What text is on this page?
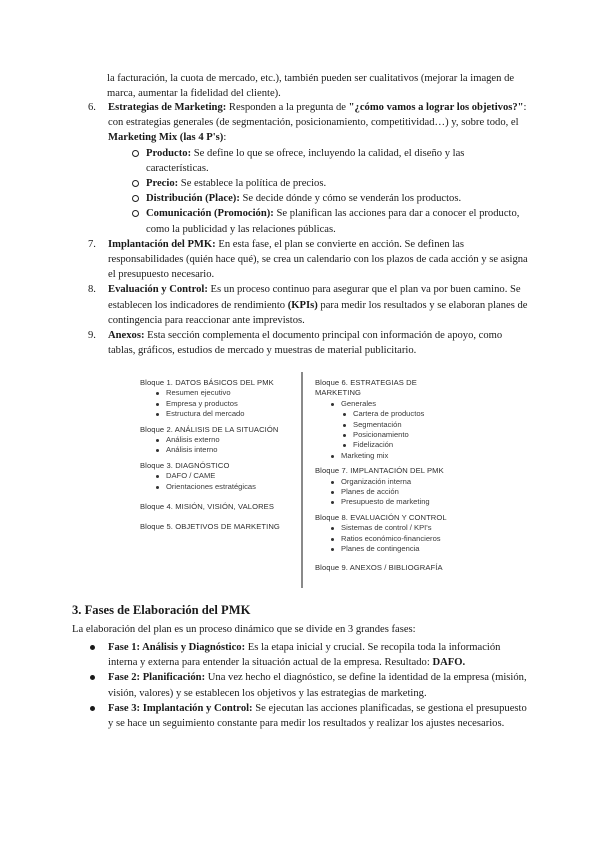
la facturación, la cuota de mercado, etc.), también pueden ser cualitativos (mejorar la imagen de marca, aumentar la fidelidad del cliente).

6.	Estrategias de Marketing: Responden a la pregunta de "¿cómo vamos a lograr los objetivos?": con estrategias generales (de segmentación, posicionamiento, competitividad…) y, sobre todo, el Marketing Mix (las 4 P's):

Producto: Se define lo que se ofrece, incluyendo la calidad, el diseño y las características.
Precio: Se establece la política de precios.
Distribución (Place): Se decide dónde y cómo se venderán los productos.
Comunicación (Promoción): Se planifican las acciones para dar a conocer el producto, como la publicidad y las relaciones públicas.
7.	Implantación del PMK: En esta fase, el plan se convierte en acción. Se definen las responsabilidades (quién hace qué), se crea un calendario con los plazos de cada acción y se asigna el presupuesto necesario.

8.	Evaluación y Control: Es un proceso continuo para asegurar que el plan va por buen camino. Se establecen los indicadores de rendimiento (KPIs) para medir los resultados y se elaboran planes de contingencia para reaccionar ante imprevistos.

9.	Anexos: Esta sección complementa el documento principal con información de apoyo, como tablas, gráficos, estudios de mercado y muestras de material publicitario.

Bloque 1. DATOS BÁSICOS DEL PMK
Resumen ejecutivo
Empresa y productos
Estructura del mercado
Bloque 2. ANÁLISIS DE LA SITUACIÓN
Análisis externo
Análisis interno
Bloque 3. DIAGNÓSTICO
DAFO / CAME
Orientaciones estratégicas
Bloque 4. MISIÓN, VISIÓN, VALORES
Bloque 5. OBJETIVOS DE MARKETING
Bloque 6. ESTRATEGIAS DE MARKETING
Generales
Cartera de productos
Segmentación
Posicionamiento
Fidelización
Marketing mix
Bloque 7. IMPLANTACIÓN DEL PMK
Organización interna
Planes de acción
Presupuesto de marketing
Bloque 8. EVALUACIÓN Y CONTROL
Sistemas de control / KPI's
Ratios económico-financieros
Planes de contingencia
Bloque 9. ANEXOS / BIBLIOGRAFÍA
3. Fases de Elaboración del PMK

La elaboración del plan es un proceso dinámico que se divide en 3 grandes fases:

Fase 1: Análisis y Diagnóstico: Es la etapa inicial y crucial. Se recopila toda la información interna y externa para entender la situación actual de la empresa. Resultado: DAFO.

Fase 2: Planificación: Una vez hecho el diagnóstico, se define la identidad de la empresa (misión, visión, valores) y se establecen los objetivos y las estrategias de marketing.

Fase 3: Implantación y Control: Se ejecutan las acciones planificadas, se gestiona el presupuesto y se hace un seguimiento constante para medir los resultados y realizar los ajustes necesarios.
